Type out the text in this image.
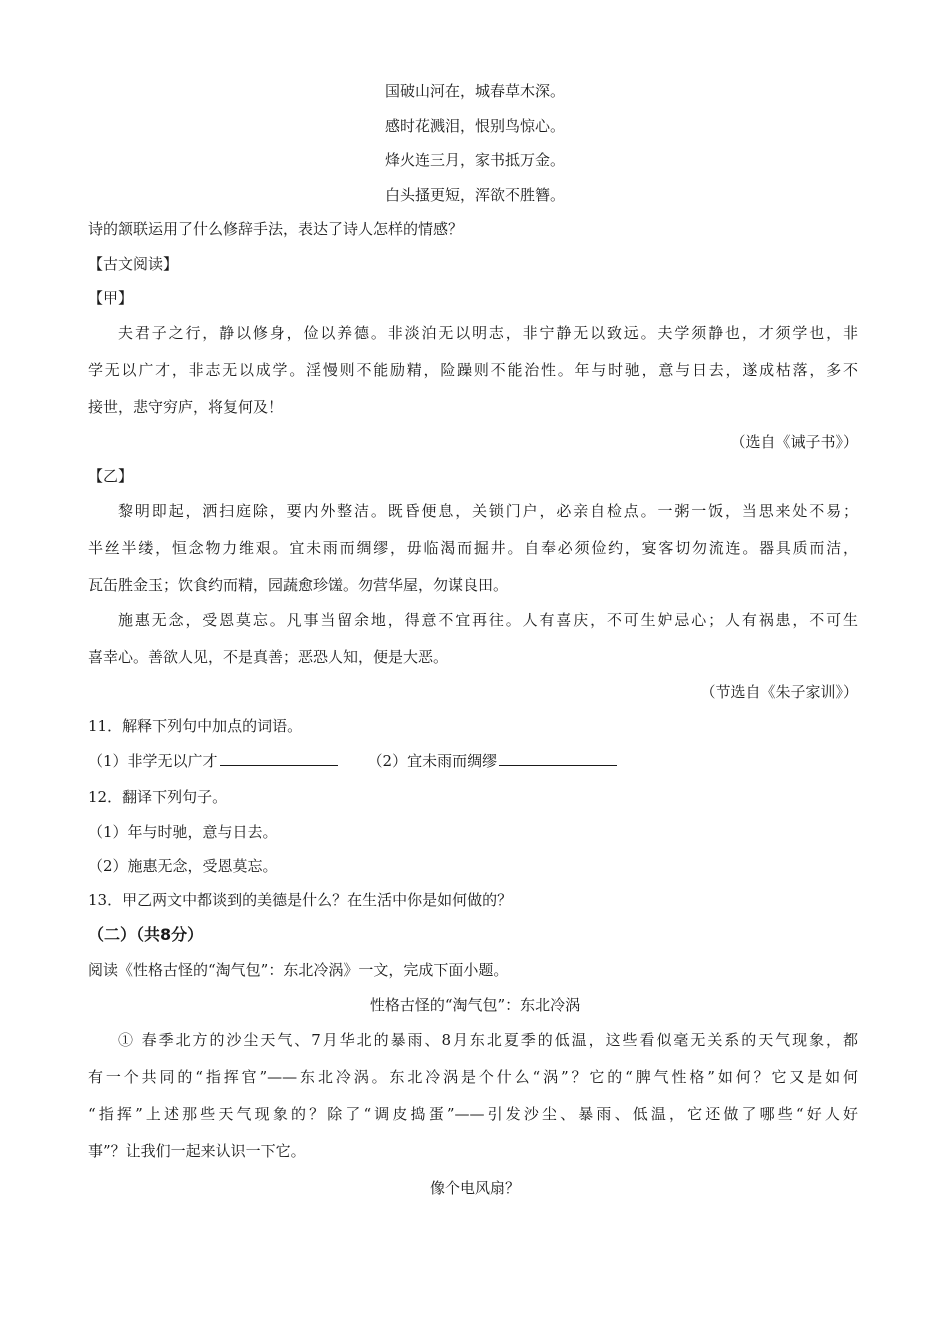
国破山河在，城春草木深。
感时花溅泪，恨别鸟惊心。
烽火连三月，家书抵万金。
白头搔更短，浑欲不胜簪。
诗的颔联运用了什么修辞手法，表达了诗人怎样的情感？
【古文阅读】
【甲】
夫君子之行，静以修身，俭以养德。非淡泊无以明志，非宁静无以致远。夫学须静也，才须学也，非
学无以广才，非志无以成学。淫慢则不能励精，险躁则不能治性。年与时驰，意与日去，遂成枯落，多不
接世，悲守穷庐，将复何及！
（选自《诫子书》）
【乙】
黎明即起，洒扫庭除，要内外整洁。既昏便息，关锁门户，必亲自检点。一粥一饭，当思来处不易；
半丝半缕，恒念物力维艰。宜未雨而绸缪，毋临渴而掘井。自奉必须俭约，宴客切勿流连。器具质而洁，
瓦缶胜金玉；饮食约而精，园蔬愈珍馐。勿营华屋，勿谋良田。
施惠无念，受恩莫忘。凡事当留余地，得意不宜再往。人有喜庆，不可生妒忌心；人有祸患，不可生
喜幸心。善欲人见，不是真善；恶恐人知，便是大恶。
（节选自《朱子家训》）
11．解释下列句中加点的词语。
（1）非学无以广才	（2）宜未雨而绸缪
12．翻译下列句子。
（1）年与时驰，意与日去。
（2）施惠无念，受恩莫忘。
13．甲乙两文中都谈到的美德是什么？在生活中你是如何做的？
（二）（共8分）
阅读《性格古怪的“淘气包”：东北冷涡》一文，完成下面小题。
性格古怪的“淘气包”：东北冷涡
① 春季北方的沙尘天气、7月华北的暴雨、8月东北夏季的低温，这些看似毫无关系的天气现象，都
有一个共同的“指挥官”——东北冷涡。东北冷涡是个什么“涡”？它的“脾气性格”如何？它又是如何
“指挥”上述那些天气现象的？除了“调皮捣蛋”——引发沙尘、暴雨、低温，它还做了哪些“好人好
事”？让我们一起来认识一下它。
像个电风扇？
